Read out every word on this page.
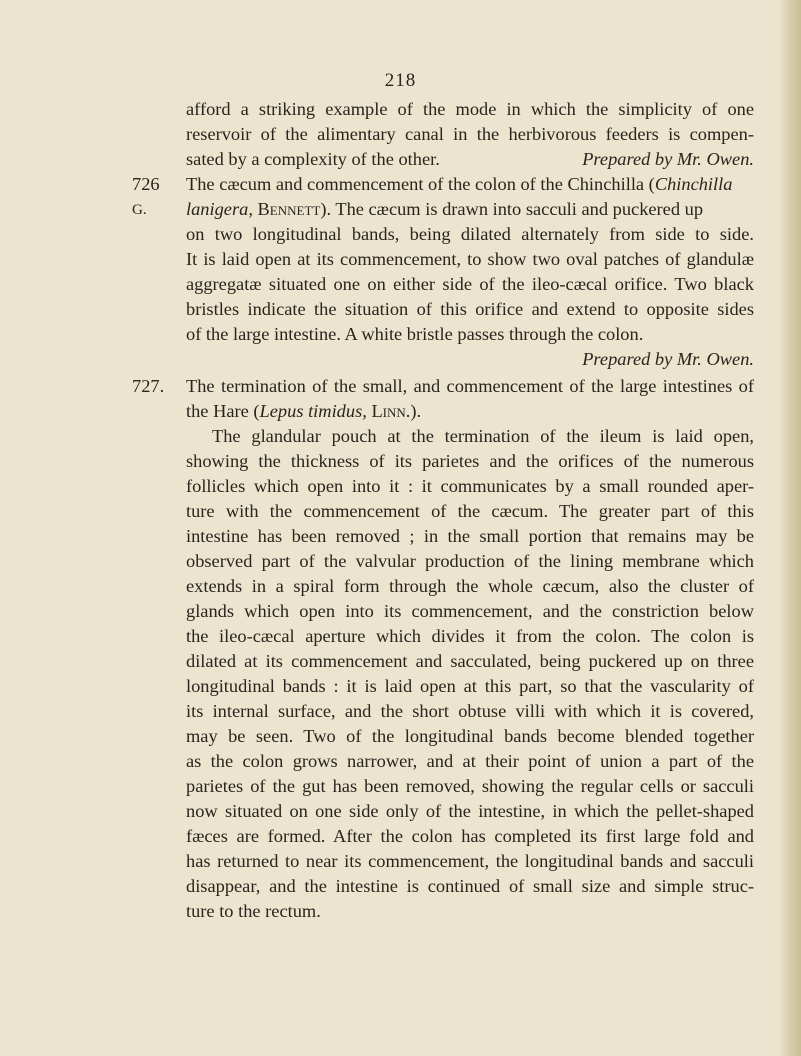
218
afford a striking example of the mode in which the simplicity of one
reservoir of the alimentary canal in the herbivorous feeders is compen-
sated by a complexity of the other.	Prepared by Mr. Owen.
726 G.
The cæcum and commencement of the colon of the Chinchilla (Chinchilla
lanigera, Bennett). The cæcum is drawn into sacculi and puckered up
on two longitudinal bands, being dilated alternately from side to side.
It is laid open at its commencement, to show two oval patches of glandulæ
aggregatæ situated one on either side of the ileo-cæcal orifice. Two black
bristles indicate the situation of this orifice and extend to opposite sides
of the large intestine. A white bristle passes through the colon.
Prepared by Mr. Owen.
727. The termination of the small, and commencement of the large intestines of
the Hare (Lepus timidus, Linn.).
The glandular pouch at the termination of the ileum is laid open,
showing the thickness of its parietes and the orifices of the numerous
follicles which open into it : it communicates by a small rounded aper-
ture with the commencement of the cæcum. The greater part of this
intestine has been removed ; in the small portion that remains may be
observed part of the valvular production of the lining membrane which
extends in a spiral form through the whole cæcum, also the cluster of
glands which open into its commencement, and the constriction below
the ileo-cæcal aperture which divides it from the colon. The colon is
dilated at its commencement and sacculated, being puckered up on three
longitudinal bands : it is laid open at this part, so that the vascularity of
its internal surface, and the short obtuse villi with which it is covered,
may be seen. Two of the longitudinal bands become blended together
as the colon grows narrower, and at their point of union a part of the
parietes of the gut has been removed, showing the regular cells or sacculi
now situated on one side only of the intestine, in which the pellet-shaped
fæces are formed. After the colon has completed its first large fold and
has returned to near its commencement, the longitudinal bands and sacculi
disappear, and the intestine is continued of small size and simple struc-
ture to the rectum.
